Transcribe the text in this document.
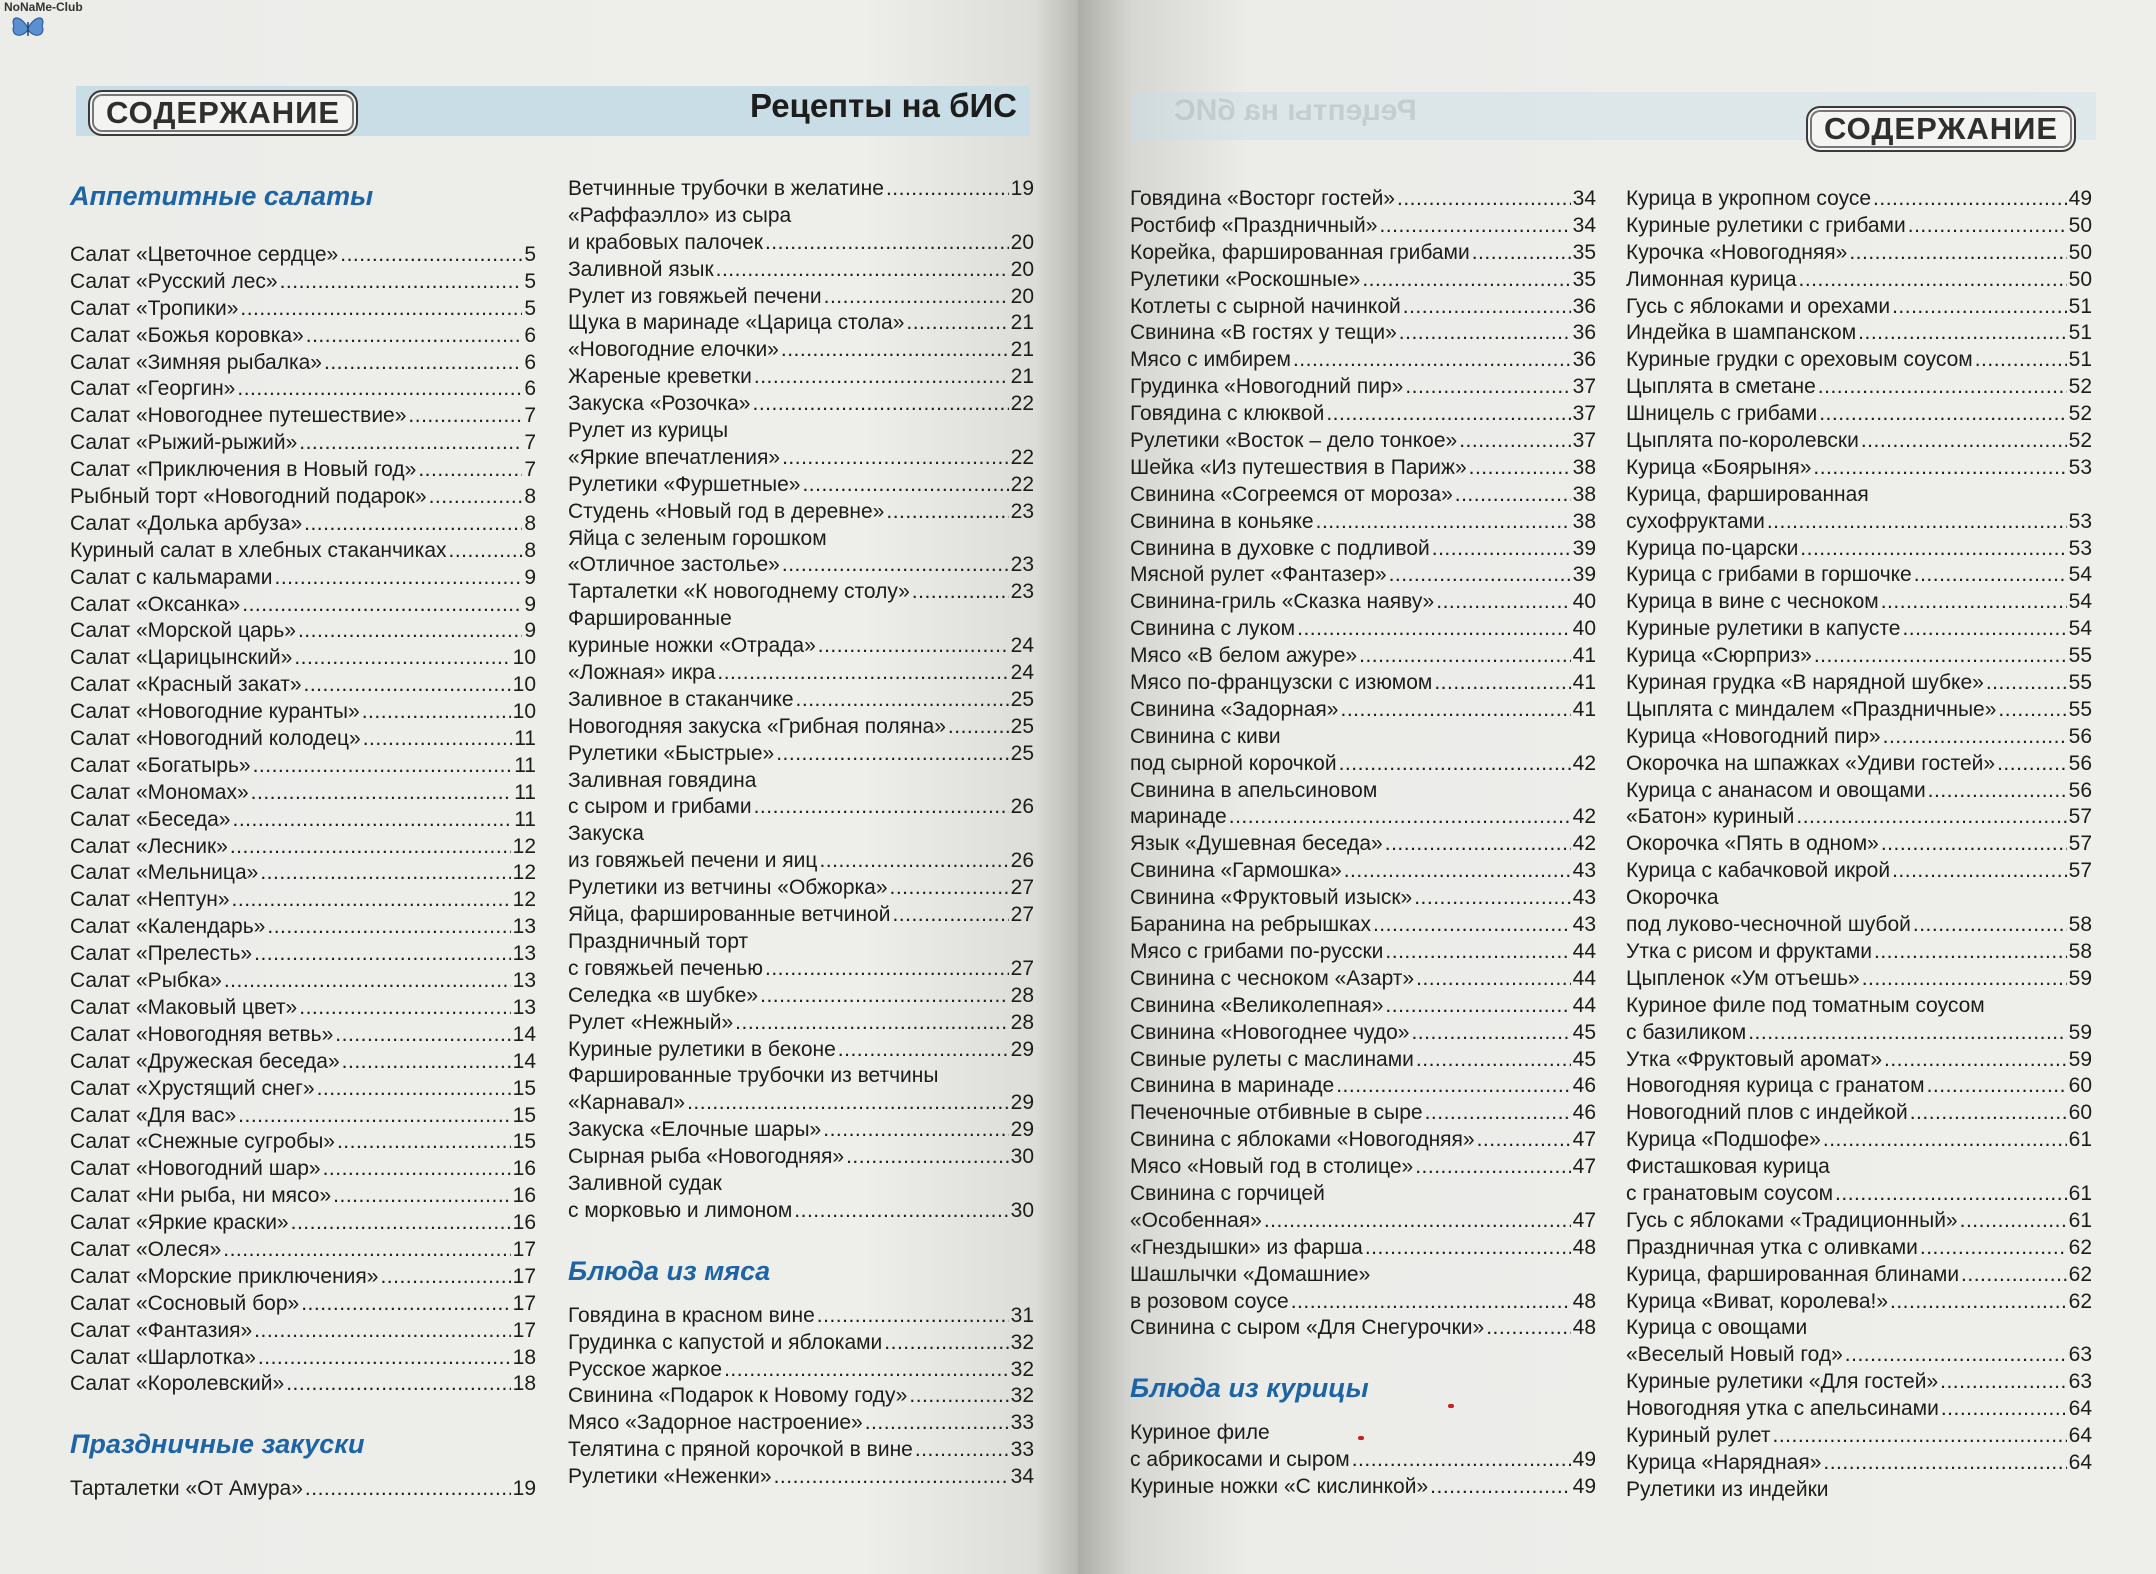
NoNaMe-Club
СОДЕРЖАНИЕ	Рецепты на бИС
Аппетитные салаты
Салат «Цветочное сердце» .....	5
Салат «Русский лес» .....	5
Салат «Тропики» .....	5
Салат «Божья коровка» .....	6
Салат «Зимняя рыбалка» .....	6
Салат «Георгин» .....	6
Салат «Новогоднее путешествие» .....	7
Салат «Рыжий-рыжий» .....	7
Салат «Приключения в Новый год» .....	7
Рыбный торт «Новогодний подарок» .....	8
Салат «Долька арбуза» .....	8
Куриный салат в хлебных стаканчиках .....	8
Салат с кальмарами .....	9
Салат «Оксанка» .....	9
Салат «Морской царь» .....	9
Салат «Царицынский» .....	10
Салат «Красный закат» .....	10
Салат «Новогодние куранты» .....	10
Салат «Новогодний колодец» .....	11
Салат «Богатырь» .....	11
Салат «Мономах» .....	11
Салат «Беседа» .....	11
Салат «Лесник» .....	12
Салат «Мельница» .....	12
Салат «Нептун» .....	12
Салат «Календарь» .....	13
Салат «Прелесть» .....	13
Салат «Рыбка» .....	13
Салат «Маковый цвет» .....	13
Салат «Новогодняя ветвь» .....	14
Салат «Дружеская беседа» .....	14
Салат «Хрустящий снег» .....	15
Салат «Для вас» .....	15
Салат «Снежные сугробы» .....	15
Салат «Новогодний шар» .....	16
Салат «Ни рыба, ни мясо» .....	16
Салат «Яркие краски» .....	16
Салат «Олеся» .....	17
Салат «Морские приключения» .....	17
Салат «Сосновый бор» .....	17
Салат «Фантазия» .....	17
Салат «Шарлотка» .....	18
Салат «Королевский» .....	18
Праздничные закуски
Тарталетки «От Амура» .....	19
Ветчинные трубочки в желатине .....	19
«Раффаэлло» из сыра
и крабовых палочек .....	20
Заливной язык .....	20
Рулет из говяжьей печени .....	20
Щука в маринаде «Царица стола» .....	21
«Новогодние елочки» .....	21
Жареные креветки .....	21
Закуска «Розочка» .....	22
Рулет из курицы
«Яркие впечатления» .....	22
Рулетики «Фуршетные» .....	22
Студень «Новый год в деревне» .....	23
Яйца с зеленым горошком
«Отличное застолье» .....	23
Тарталетки «К новогоднему столу» .....	23
Фаршированные
куриные ножки «Отрада» .....	24
«Ложная» икра .....	24
Заливное в стаканчике .....	25
Новогодняя закуска «Грибная поляна» .....	25
Рулетики «Быстрые» .....	25
Заливная говядина
с сыром и грибами .....	26
Закуска
из говяжьей печени и яиц .....	26
Рулетики из ветчины «Обжорка» .....	27
Яйца, фаршированные ветчиной .....	27
Праздничный торт
с говяжьей печенью .....	27
Селедка «в шубке» .....	28
Рулет «Нежный» .....	28
Куриные рулетики в беконе .....	29
Фаршированные трубочки из ветчины
«Карнавал» .....	29
Закуска «Елочные шары» .....	29
Сырная рыба «Новогодняя» .....	30
Заливной судак
с морковью и лимоном .....	30
Блюда из мяса
Говядина в красном вине .....	31
Грудинка с капустой и яблоками .....	32
Русское жаркое .....	32
Свинина «Подарок к Новому году» .....	32
Мясо «Задорное настроение» .....	33
Телятина с пряной корочкой в вине .....	33
Рулетики «Неженки» .....	34
Рецепты на бИС
СОДЕРЖАНИЕ
Говядина «Восторг гостей» .....	34
Ростбиф «Праздничный» .....	34
Корейка, фаршированная грибами .....	35
Рулетики «Роскошные» .....	35
Котлеты с сырной начинкой .....	36
Свинина «В гостях у тещи» .....	36
Мясо с имбирем .....	36
Грудинка «Новогодний пир» .....	37
Говядина с клюквой .....	37
Рулетики «Восток – дело тонкое» .....	37
Шейка «Из путешествия в Париж» .....	38
Свинина «Согреемся от мороза» .....	38
Свинина в коньяке .....	38
Свинина в духовке с подливой .....	39
Мясной рулет «Фантазер» .....	39
Свинина-гриль «Сказка наяву» .....	40
Свинина с луком .....	40
Мясо «В белом ажуре» .....	41
Мясо по-французски с изюмом .....	41
Свинина «Задорная» .....	41
Свинина с киви
под сырной корочкой .....	42
Свинина в апельсиновом
маринаде .....	42
Язык «Душевная беседа» .....	42
Свинина «Гармошка» .....	43
Свинина «Фруктовый изыск» .....	43
Баранина на ребрышках .....	43
Мясо с грибами по-русски .....	44
Свинина с чесноком «Азарт» .....	44
Свинина «Великолепная» .....	44
Свинина «Новогоднее чудо» .....	45
Свиные рулеты с маслинами .....	45
Свинина в маринаде .....	46
Печеночные отбивные в сыре .....	46
Свинина с яблоками «Новогодняя» .....	47
Мясо «Новый год в столице» .....	47
Свинина с горчицей
«Особенная» .....	47
«Гнездышки» из фарша .....	48
Шашлычки «Домашние»
в розовом соусе .....	48
Свинина с сыром «Для Снегурочки» .....	48
Блюда из курицы
Куриное филе
с абрикосами и сыром .....	49
Куриные ножки «С кислинкой» .....	49
Курица в укропном соусе .....	49
Куриные рулетики с грибами .....	50
Курочка «Новогодняя» .....	50
Лимонная курица .....	50
Гусь с яблоками и орехами .....	51
Индейка в шампанском .....	51
Куриные грудки с ореховым соусом .....	51
Цыплята в сметане .....	52
Шницель с грибами .....	52
Цыплята по-королевски .....	52
Курица «Боярыня» .....	53
Курица, фаршированная
сухофруктами .....	53
Курица по-царски .....	53
Курица с грибами в горшочке .....	54
Курица в вине с чесноком .....	54
Куриные рулетики в капусте .....	54
Курица «Сюрприз» .....	55
Куриная грудка «В нарядной шубке» .....	55
Цыплята с миндалем «Праздничные» .....	55
Курица «Новогодний пир» .....	56
Окорочка на шпажках «Удиви гостей» .....	56
Курица с ананасом и овощами .....	56
«Батон» куриный .....	57
Окорочка «Пять в одном» .....	57
Курица с кабачковой икрой .....	57
Окорочка
под луково-чесночной шубой .....	58
Утка с рисом и фруктами .....	58
Цыпленок «Ум отъешь» .....	59
Куриное филе под томатным соусом
с базиликом .....	59
Утка «Фруктовый аромат» .....	59
Новогодняя курица с гранатом .....	60
Новогодний плов с индейкой .....	60
Курица «Подшофе» .....	61
Фисташковая курица
с гранатовым соусом .....	61
Гусь с яблоками «Традиционный» .....	61
Праздничная утка с оливками .....	62
Курица, фаршированная блинами .....	62
Курица «Виват, королева!» .....	62
Курица с овощами
«Веселый Новый год» .....	63
Куриные рулетики «Для гостей» .....	63
Новогодняя утка с апельсинами .....	64
Куриный рулет .....	64
Курица «Нарядная» .....	64
Рулетики из индейки
